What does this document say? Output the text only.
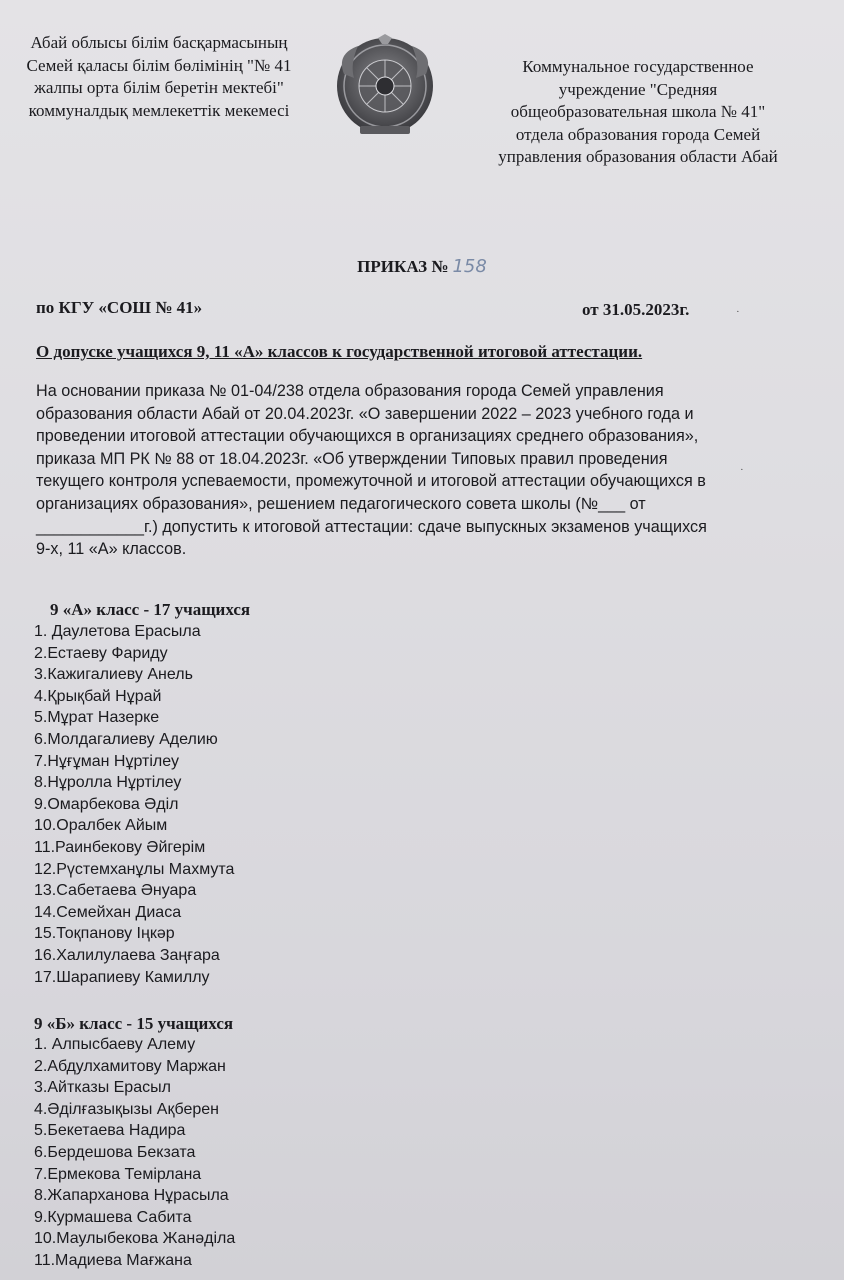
Абай облысы білім басқармасының
Семей қаласы білім бөлімінің "№ 41
жалпы орта білім беретін мектебі"
коммуналдық мемлекеттік мекемесі
Коммунальное государственное
учреждение "Средняя
общеобразовательная школа № 41"
отдела образования города Семей
управления образования области Абай
ПРИКАЗ № 158
по КГУ «СОШ № 41»	от 31.05.2023г.
О допуске учащихся 9, 11 «А» классов к государственной итоговой аттестации.
На основании приказа № 01-04/238 отдела образования города Семей управления
образования области Абай от 20.04.2023г. «О завершении 2022 – 2023 учебного года и
проведении итоговой аттестации обучающихся в организациях среднего образования»,
приказа МП РК № 88 от 18.04.2023г. «Об утверждении Типовых правил проведения
текущего контроля успеваемости, промежуточной и итоговой аттестации обучающихся в
организациях образования», решением педагогического совета школы (№___ от
____________г.) допустить к итоговой аттестации: сдаче выпускных экзаменов учащихся
9-х, 11 «А» классов.
9 «А» класс - 17 учащихся
1. Даулетова Ерасыла
2.Естаеву Фариду
3.Кажигалиеву Анель
4.Қрықбай Нұрай
5.Мұрат Назерке
6.Молдагалиеву Аделию
7.Нұғұман Нұртілеу
8.Нұролла Нұртілеу
9.Омарбекова Әділ
10.Оралбек Айым
11.Раинбекову Әйгерім
12.Рүстемханұлы Махмута
13.Сабетаева Әнуара
14.Семейхан Диаса
15.Тоқпанову Іңкәр
16.Халилулаева Заңғара
17.Шарапиеву Камиллу
9 «Б» класс - 15 учащихся
1. Алпысбаеву Алему
2.Абдулхамитову Маржан
3.Айтказы Ерасыл
4.Әділғазықызы Ақберен
5.Бекетаева Надира
6.Бердешова Бекзата
7.Ермекова Темірлана
8.Жапарханова Нұрасыла
9.Курмашева Сабита
10.Маулыбекова Жанәділа
11.Мадиева Мағжана
·
·
